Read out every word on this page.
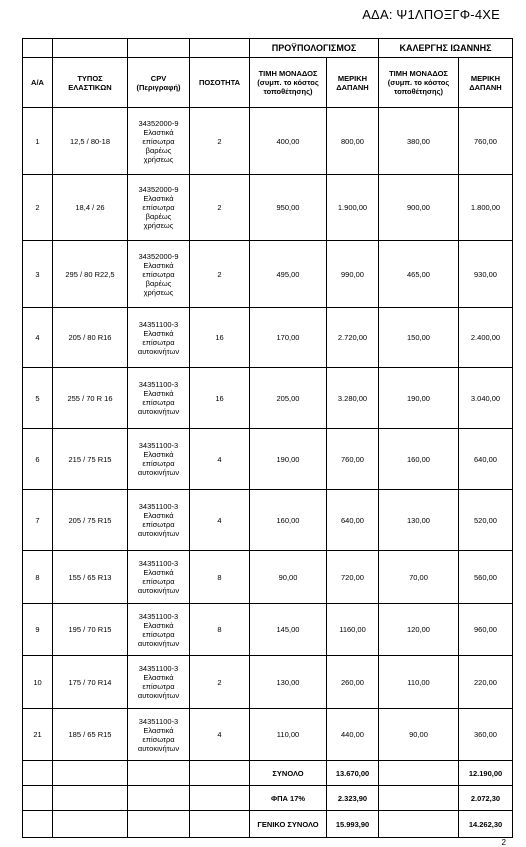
ΑΔΑ: Ψ1ΛΠΟΞΓΦ-4ΧΕ
				ΠΡΟΫΠΟΛΟΓΙΣΜΟΣ		ΚΑΛΕΡΓΗΣ ΙΩΑΝΝΗΣ	
Α/Α	ΤΥΠΟΣ ΕΛΑΣΤΙΚΩΝ	CPV (Περιγραφή)	ΠΟΣΟΤΗΤΑ	ΤΙΜΗ ΜΟΝΑΔΟΣ (συμπ. το κόστος τοποθέτησης)	ΜΕΡΙΚΗ ΔΑΠΑΝΗ	ΤΙΜΗ ΜΟΝΑΔΟΣ (συμπ. το κόστος τοποθέτησης)	ΜΕΡΙΚΗ ΔΑΠΑΝΗ
1	12,5 / 80-18	34352000-9 Ελαστικά επίσωτρα βαρέως χρήσεως	2	400,00	800,00	380,00	760,00
2	18,4 / 26	34352000-9 Ελαστικά επίσωτρα βαρέως χρήσεως	2	950,00	1.900,00	900,00	1.800,00
3	295 / 80 R22,5	34352000-9 Ελαστικά επίσωτρα βαρέως χρήσεως	2	495,00	990,00	465,00	930,00
4	205 / 80 R16	34351100-3 Ελαστικά επίσωτρα αυτοκινήτων	16	170,00	2.720,00	150,00	2.400,00
5	255 / 70 R 16	34351100-3 Ελαστικά επίσωτρα αυτοκινήτων	16	205,00	3.280,00	190,00	3.040,00
6	215 / 75 R15	34351100-3 Ελαστικά επίσωτρα αυτοκινήτων	4	190,00	760,00	160,00	640,00
7	205 / 75 R15	34351100-3 Ελαστικά επίσωτρα αυτοκινήτων	4	160,00	640,00	130,00	520,00
8	155 / 65 R13	34351100-3 Ελαστικά επίσωτρα αυτοκινήτων	8	90,00	720,00	70,00	560,00
9	195 / 70 R15	34351100-3 Ελαστικά επίσωτρα αυτοκινήτων	8	145,00	1160,00	120,00	960,00
10	175 / 70 R14	34351100-3 Ελαστικά επίσωτρα αυτοκινήτων	2	130,00	260,00	110,00	220,00
21	185 / 65 R15	34351100-3 Ελαστικά επίσωτρα αυτοκινήτων	4	110,00	440,00	90,00	360,00
				ΣΥΝΟΛΟ	13.670,00		12.190,00
				ΦΠΑ 17%	2.323,90		2.072,30
				ΓΕΝΙΚΟ ΣΥΝΟΛΟ	15.993,90		14.262,30
2
